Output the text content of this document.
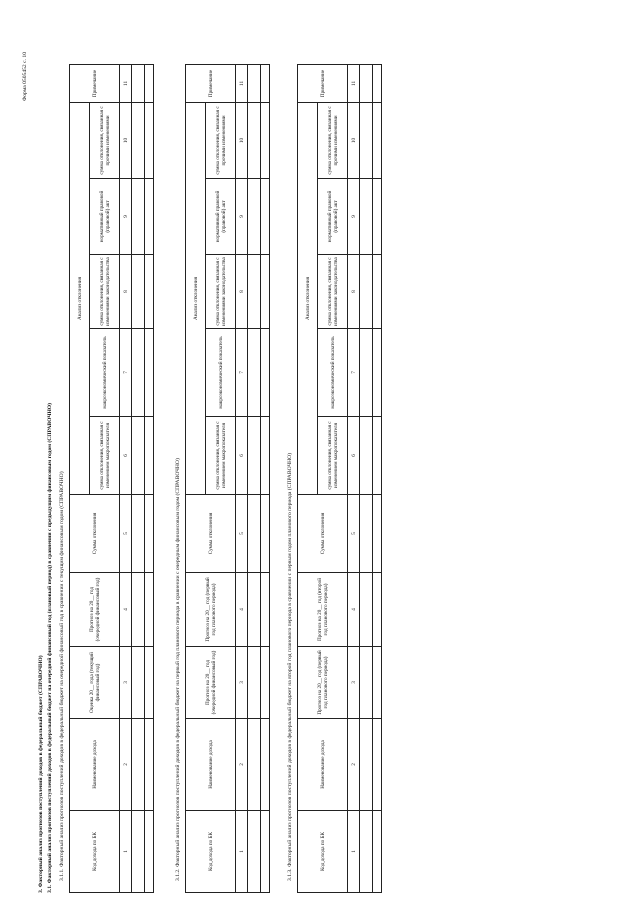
Форма 0505452 с. 10
3. Факторный анализ прогнозов поступлений доходов в федеральный бюджет (СПРАВОЧНО) 3.1. Факторный анализ прогнозов поступлений доходов в федеральный бюджет на очередной финансовый год (плановый период) в сравнении с предыдущим финансовым годом (СПРАВОЧНО) 3.1.1. Факторный анализ прогнозов поступлений доходов в федеральный бюджет на очередной финансовый год в сравнении с текущим финансовым годом (СПРАВОЧНО)	Код дохода по БК	Наименование дохода	Оценка 20__ года (текущий финансовый год)	Прогноз на 20__ год (очередной финансовый год)	Сумма отклонения	Анализ отклонения					Примечание
					сумма отклонения, связанная с изменением макропоказателя	макроэкономический показатель	сумма отклонения, связанная с изменениями законодательства	нормативный правовой (правовой) акт	сумма отклонения, связанная с прочими изменениями	
1	2	3	4	5	6	7	8	9	10	11

3.1.2. Факторный анализ прогнозов поступлений доходов в федеральный бюджет на первый год планового периода в сравнении с очередным финансовым годом (СПРАВОЧНО)	Код дохода по БК	Наименование дохода	Прогноз на 20__ год (очередной финансовый год)	Прогноз на 20__ год (первый год планового периода)	Сумма отклонения	Анализ отклонения					Примечание
					сумма отклонения, связанная с изменением макропоказателя	макроэкономический показатель	сумма отклонения, связанная с изменениями законодательства	нормативный правовой (правовой) акт	сумма отклонения, связанная с прочими изменениями	
1	2	3	4	5	6	7	8	9	10	11

3.1.3. Факторный анализ прогнозов поступлений доходов в федеральный бюджет на второй год планового периода в сравнении с первым годом планового периода (СПРАВОЧНО)	Код дохода по БК	Наименование дохода	Прогноз на 20__ год (первый год планового периода)	Прогноз на 20__ год (второй год планового периода)	Сумма отклонения	Анализ отклонения					Примечание
					сумма отклонения, связанная с изменением макропоказателя	макроэкономический показатель	сумма отклонения, связанная с изменениями законодательства	нормативный правовой (правовой) акт	сумма отклонения, связанная с прочими изменениями	
1	2	3	4	5	6	7	8	9	10	11
